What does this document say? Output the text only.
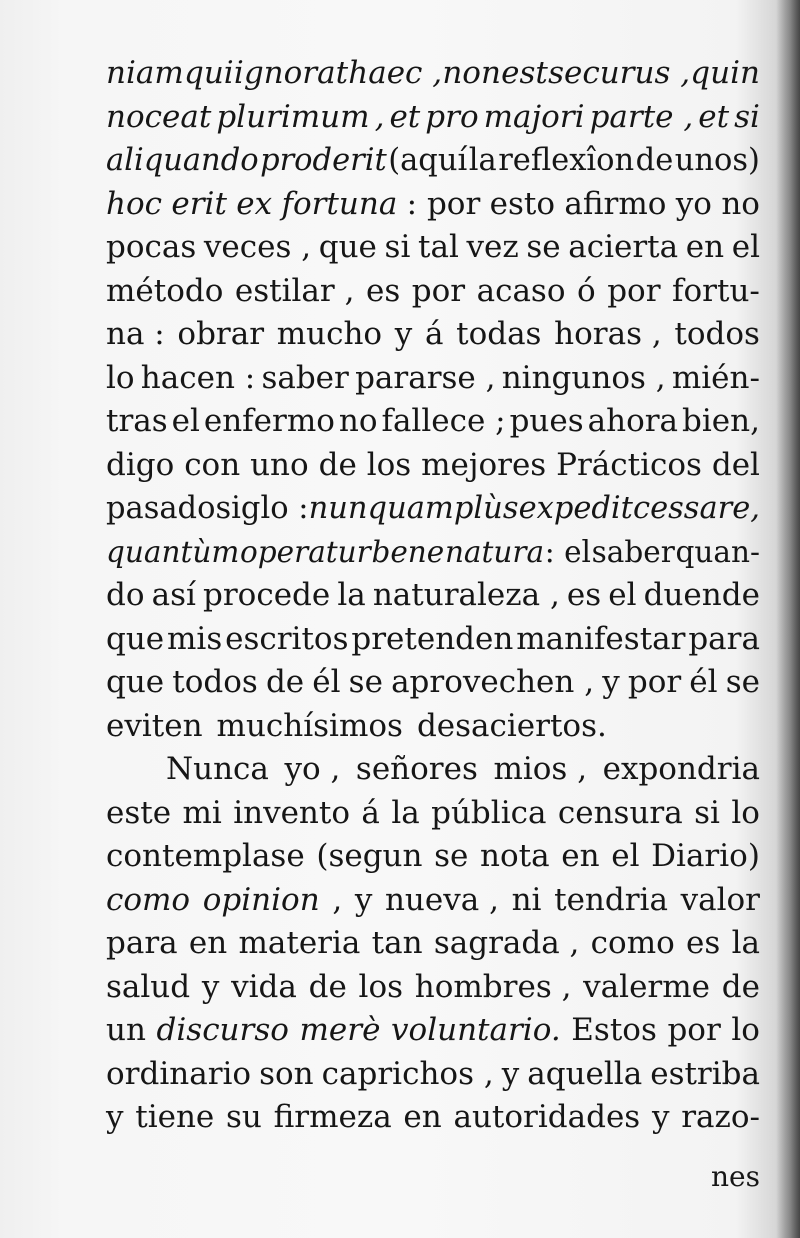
niam qui ignorat haec , non est securus , quin
noceat plurimum , et pro majori parte , et si
aliquando proderit (aquí la reflexîon de unos)
hoc erit ex fortuna : por esto afirmo yo no
pocas veces , que si tal vez se acierta en el
método estilar , es por acaso ó por fortu-
na : obrar mucho y á todas horas , todos
lo hacen : saber pararse , ningunos , mién-
tras el enfermo no fallece ; pues ahora bien,
digo con uno de los mejores Prácticos del
pasado siglo : nunquam plùs expedit cessare,
quantùm operatur bene natura : el saber quan-
do así procede la naturaleza , es el duende
que mis escritos pretenden manifestar para
que todos de él se aprovechen , y por él se
eviten muchísimos desaciertos.
Nunca yo , señores mios , expondria
este mi invento á la pública censura si lo
contemplase (segun se nota en el Diario)
como opinion , y nueva , ni tendria valor
para en materia tan sagrada , como es la
salud y vida de los hombres , valerme de
un discurso merè voluntario. Estos por lo
ordinario son caprichos , y aquella estriba
y tiene su firmeza en autoridades y razo-
nes
